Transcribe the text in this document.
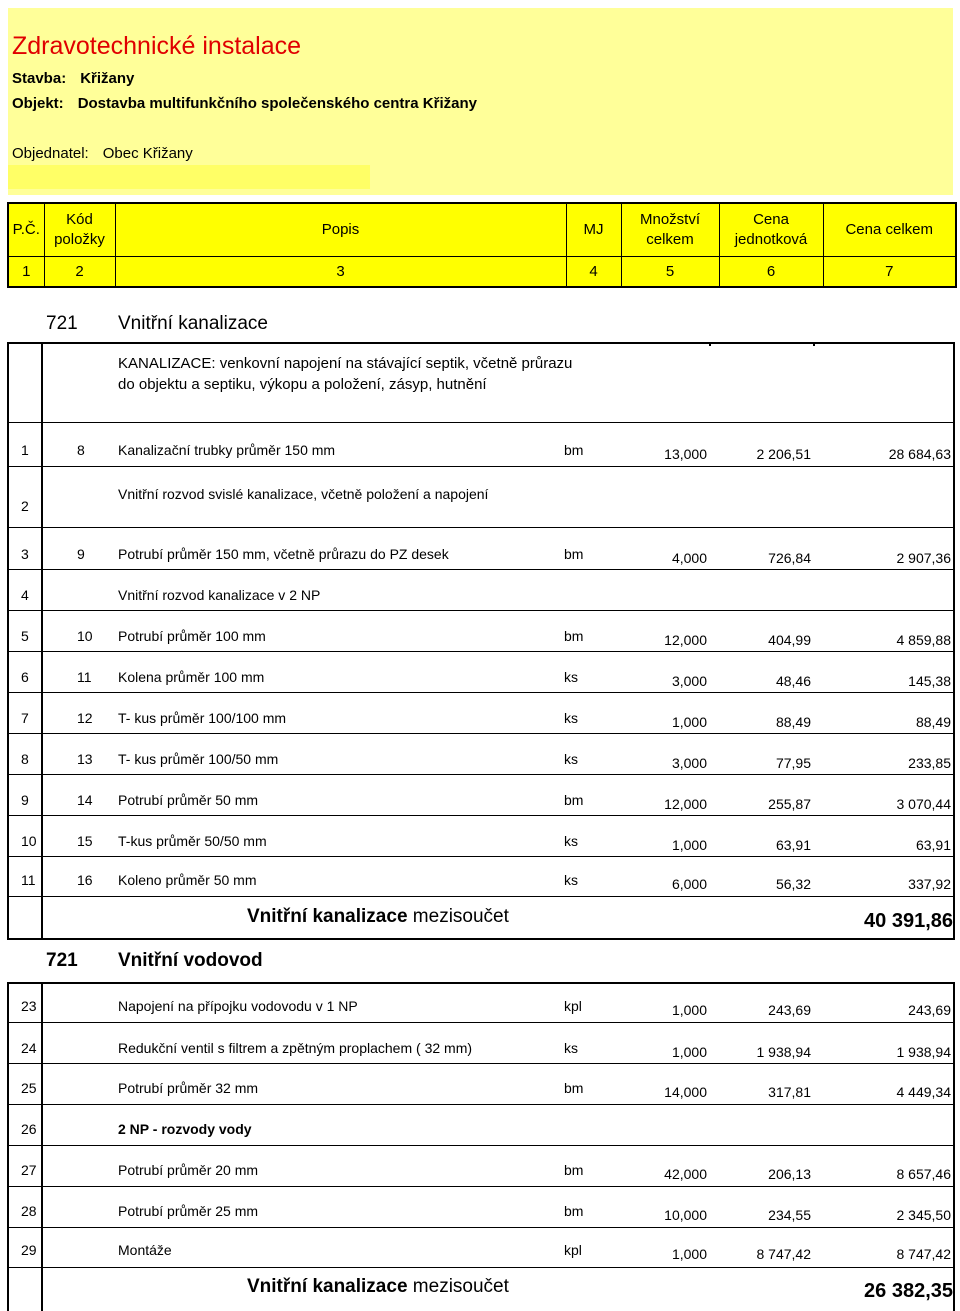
Zdravotechnické instalace
Stavba: Křižany
Objekt: Dostavba multifunkčního společenského centra Křižany
Objednatel: Obec Křižany
P.Č.	Kód položky	Popis	MJ	Množství celkem	Cena jednotková	Cena celkem
1	2	3	4	5	6	7
721 Vnitřní kanalizace
KANALIZACE: venkovní napojení na stávající septik, včetně průrazu do objektu a septiku, výkopu a položení, zásyp, hutnění
1	8 Kanalizační trubky průměr 150 mm	bm	13,000	2 206,51	28 684,63
2
Vnitřní rozvod svislé kanalizace, včetně položení a napojení
3	9 Potrubí průměr 150 mm, včetně průrazu do PZ desek	bm	4,000	726,84	2 907,36
4	Vnitřní rozvod kanalizace v 2 NP
5	10 Potrubí průměr 100 mm	bm	12,000	404,99	4 859,88
6	11 Kolena průměr 100 mm	ks	3,000	48,46	145,38
7	12 T- kus průměr 100/100 mm	ks	1,000	88,49	88,49
8	13 T- kus průměr 100/50 mm	ks	3,000	77,95	233,85
9	14 Potrubí průměr 50 mm	bm	12,000	255,87	3 070,44
10	15 T-kus průměr 50/50 mm	ks	1,000	63,91	63,91
11	16 Koleno průměr 50 mm	ks	6,000	56,32	337,92
Vnitřní kanalizace mezisoučet	40 391,86
721 Vnitřní vodovod
23	Napojení na přípojku vodovodu v 1 NP	kpl	1,000	243,69	243,69
24	Redukční ventil s filtrem a zpětným proplachem ( 32 mm)	ks	1,000	1 938,94	1 938,94
25	Potrubí průměr 32 mm	bm	14,000	317,81	4 449,34
26	2 NP - rozvody vody
27	Potrubí průměr 20 mm	bm	42,000	206,13	8 657,46
28	Potrubí průměr 25 mm	bm	10,000	234,55	2 345,50
29	Montáže	kpl	1,000	8 747,42	8 747,42
Vnitřní kanalizace mezisoučet	26 382,35
